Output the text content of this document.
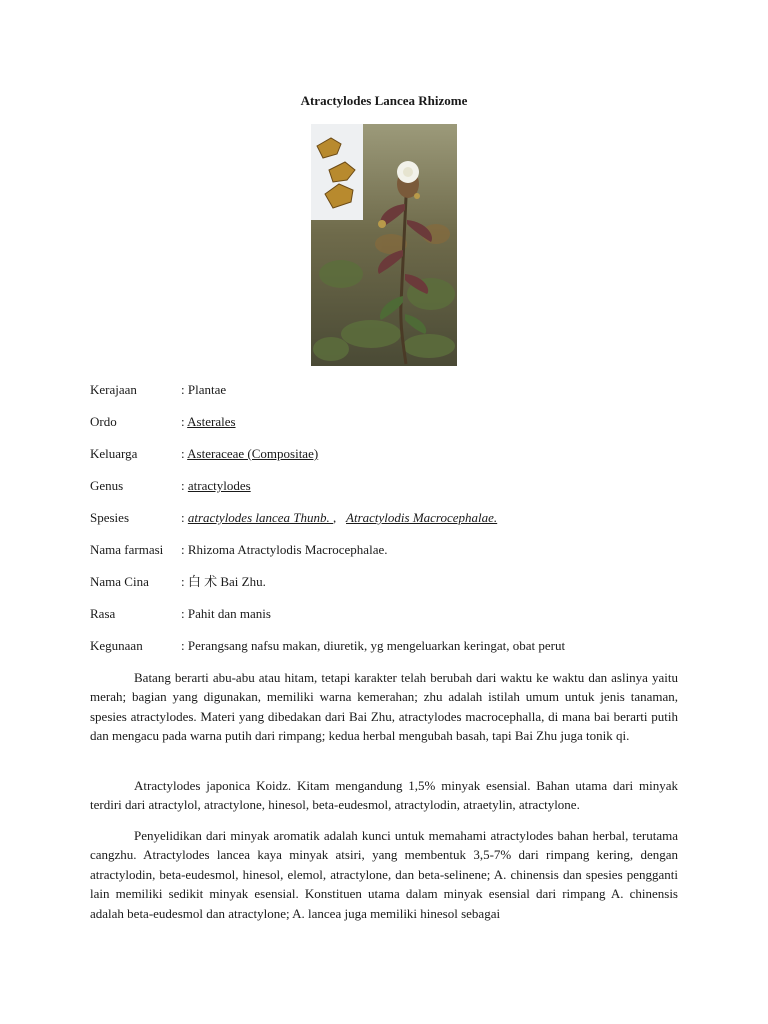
Atractylodes Lancea Rhizome
Kerajaan	: Plantae
Ordo	: Asterales
Keluarga	: Asteraceae (Compositae)
Genus	: atractylodes
Spesies	: atractylodes lancea Thunb. ,   Atractylodis Macrocephalae.
Nama farmasi : Rhizoma Atractylodis Macrocephalae.
Nama Cina : 白 术 Bai Zhu.
Rasa	: Pahit dan manis
Kegunaan	: Perangsang nafsu makan, diuretik, yg mengeluarkan keringat, obat perut

Batang berarti abu-abu atau hitam, tetapi karakter telah berubah dari waktu ke waktu dan aslinya yaitu merah; bagian yang digunakan, memiliki warna kemerahan; zhu adalah istilah umum untuk jenis tanaman, spesies atractylodes. Materi yang dibedakan dari Bai Zhu, atractylodes macrocephalla, di mana bai berarti putih dan mengacu pada warna putih dari rimpang; kedua herbal mengubah basah, tapi Bai Zhu juga tonik qi.

Atractylodes japonica Koidz. Kitam mengandung 1,5% minyak esensial. Bahan utama dari minyak terdiri dari atractylol, atractylone, hinesol, beta-eudesmol, atractylodin, atraetylin, atractylone.

Penyelidikan dari minyak aromatik adalah kunci untuk memahami atractylodes bahan herbal, terutama cangzhu. Atractylodes lancea kaya minyak atsiri, yang membentuk 3,5-7% dari rimpang kering, dengan atractylodin, beta-eudesmol, hinesol, elemol, atractylone, dan beta-selinene; A. chinensis dan spesies pengganti lain memiliki sedikit minyak esensial. Konstituen utama dalam minyak esensial dari rimpang A. chinensis adalah beta-eudesmol dan atractylone; A. lancea juga memiliki hinesol sebagai
